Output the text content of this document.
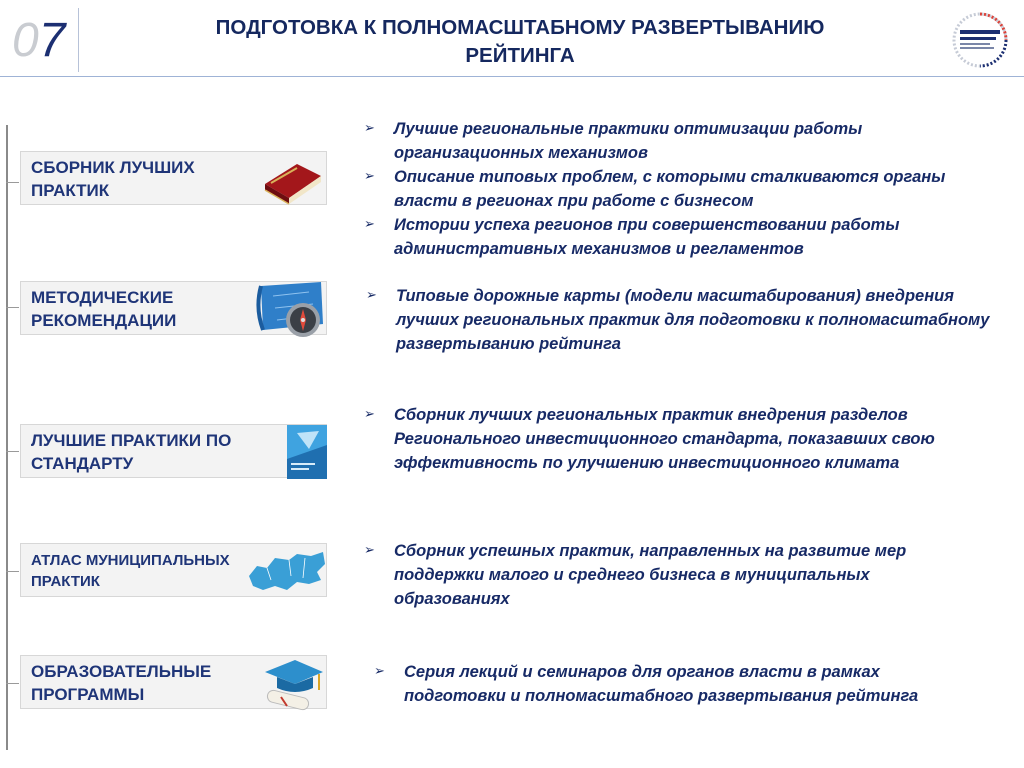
07	ПОДГОТОВКА К ПОЛНОМАСШТАБНОМУ РАЗВЕРТЫВАНИЮ РЕЙТИНГА
СБОРНИК ЛУЧШИХ ПРАКТИК
➢ Лучшие региональные практики оптимизации работы организационных механизмов
➢ Описание типовых проблем, с которыми сталкиваются органы власти в регионах при работе с бизнесом
➢ Истории успеха регионов при совершенствовании работы административных механизмов и регламентов
МЕТОДИЧЕСКИЕ РЕКОМЕНДАЦИИ
➢ Типовые дорожные карты (модели масштабирования) внедрения лучших региональных практик для подготовки к полномасштабному развертыванию рейтинга
ЛУЧШИЕ ПРАКТИКИ ПО СТАНДАРТУ
➢ Сборник лучших региональных практик внедрения разделов Регионального инвестиционного стандарта, показавших свою эффективность по улучшению инвестиционного климата
АТЛАС МУНИЦИПАЛЬНЫХ ПРАКТИК
➢ Сборник успешных практик, направленных на развитие мер поддержки малого и среднего бизнеса в муниципальных образованиях
ОБРАЗОВАТЕЛЬНЫЕ ПРОГРАММЫ
➢ Серия лекций и семинаров для органов власти в рамках подготовки и полномасштабного развертывания рейтинга
